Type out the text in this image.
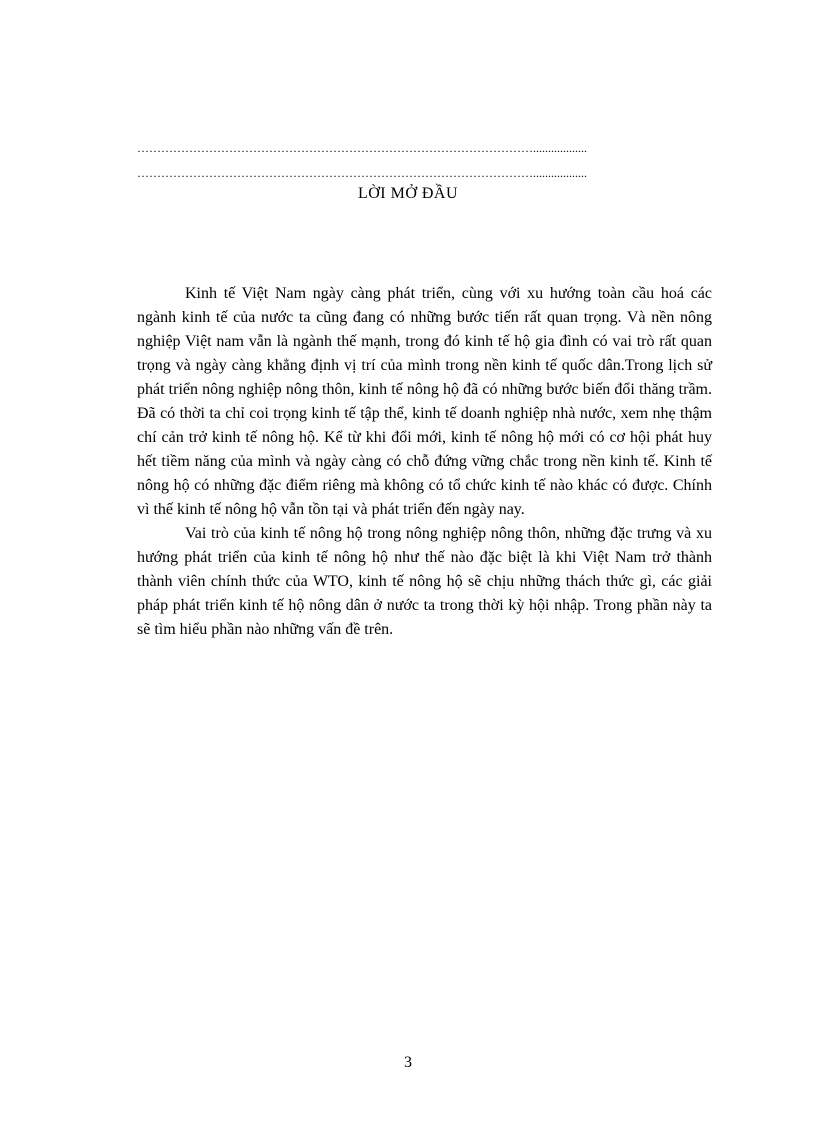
………………………………………………………………………………………..................
………………………………………………………………………………………..................
LỜI MỞ ĐẦU

Kinh tế Việt Nam ngày càng phát triển, cùng với xu hướng toàn cầu hoá các ngành kinh tế của nước ta cũng đang có những bước tiến rất quan trọng. Và nền nông nghiệp Việt nam vẫn là ngành thế mạnh, trong đó kinh tế hộ gia đình có vai trò rất quan trọng và ngày càng khẳng định vị trí của mình trong nền kinh tế quốc dân.Trong lịch sử phát triển nông nghiệp nông thôn, kinh tế nông hộ đã có những bước biến đổi thăng trầm. Đã có thời ta chỉ coi trọng kinh tế tập thể, kinh tế doanh nghiệp nhà nước, xem nhẹ thậm chí cản trở kinh tế nông hộ. Kể từ khi đổi mới, kinh tế nông hộ mới có cơ hội phát huy hết tiềm năng của mình và ngày càng có chỗ đứng vững chắc trong nền kinh tế. Kinh tế nông hộ có những đặc điểm riêng mà không có tổ chức kinh tế nào khác có được. Chính vì thế kinh tế nông hộ vẫn tồn tại và phát triển đến ngày nay.

Vai trò của kinh tế nông hộ trong nông nghiệp nông thôn, những đặc trưng và xu hướng phát triển của kinh tế nông hộ như thế nào đặc biệt là khi Việt Nam trở thành thành viên chính thức của WTO, kinh tế nông hộ sẽ chịu những thách thức gì, các giải pháp phát triển kinh tế hộ nông dân ở nước ta trong thời kỳ hội nhập. Trong phần này ta sẽ tìm hiểu phần nào những vấn đề trên.

3
